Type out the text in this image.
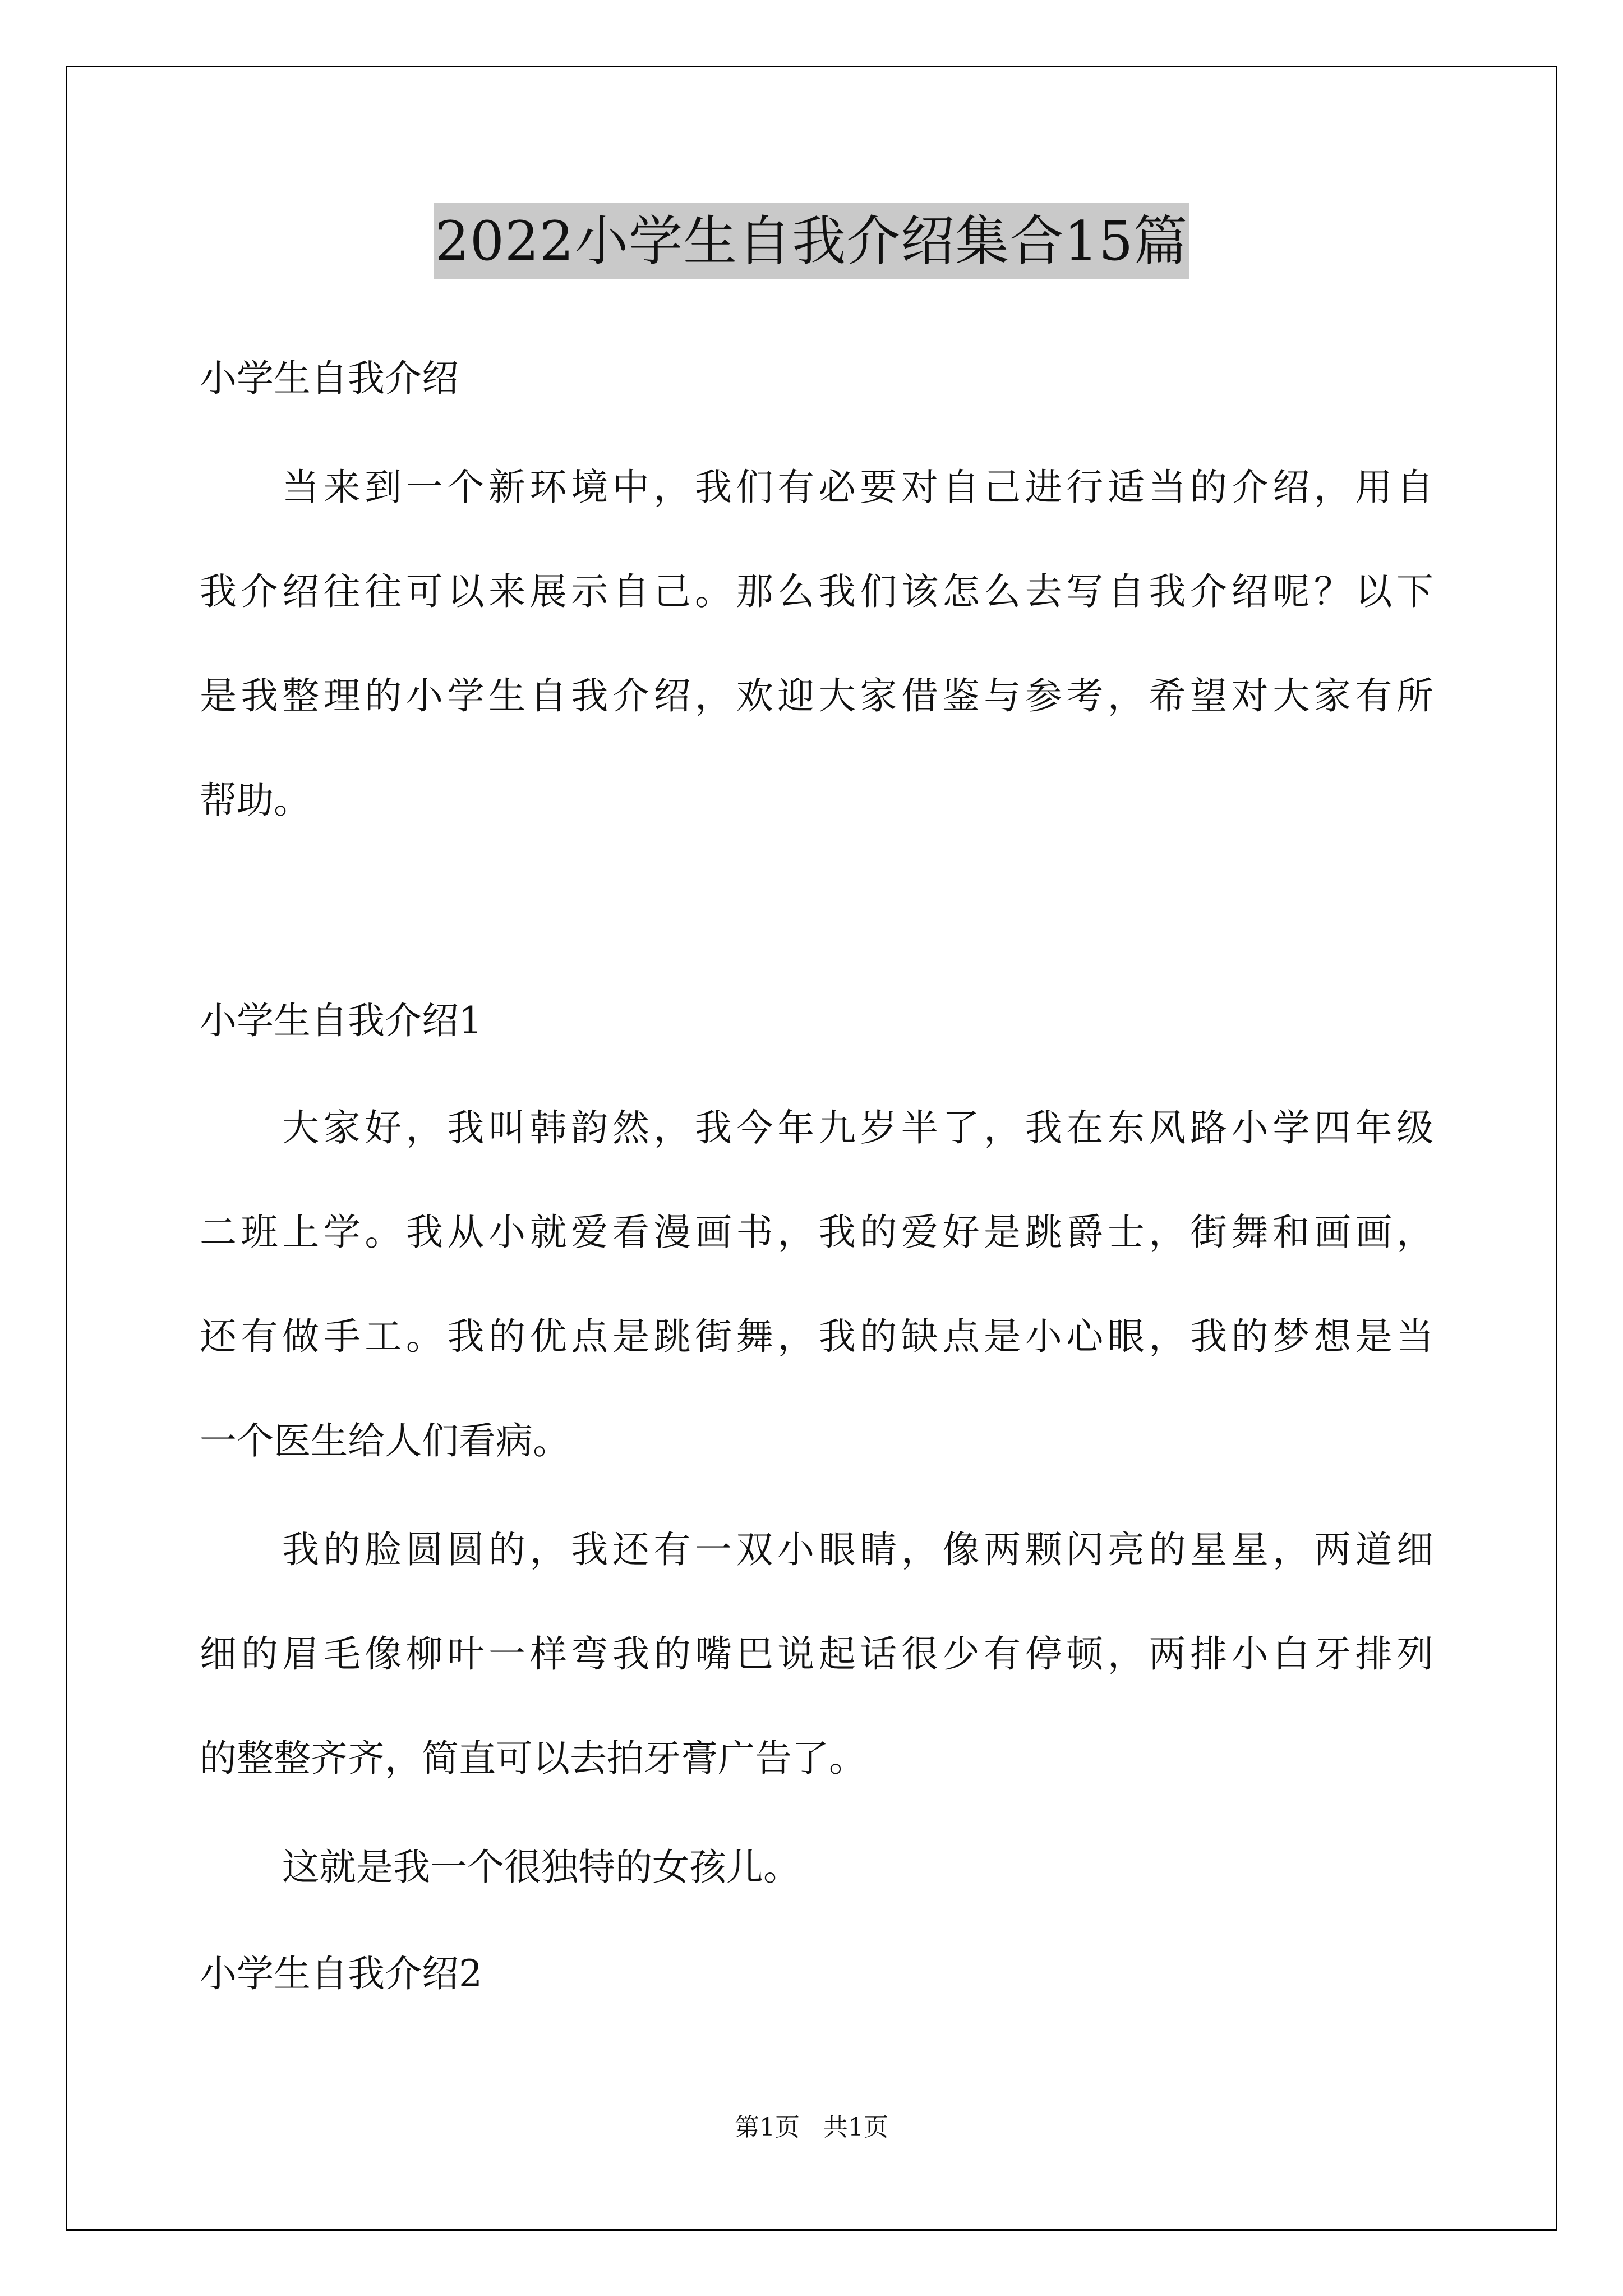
2022小学生自我介绍集合15篇
小学生自我介绍
当来到一个新环境中，我们有必要对自己进行适当的介绍，用自
我介绍往往可以来展示自己。那么我们该怎么去写自我介绍呢？以下
是我整理的小学生自我介绍，欢迎大家借鉴与参考，希望对大家有所
帮助。
小学生自我介绍1
大家好，我叫韩韵然，我今年九岁半了，我在东风路小学四年级
二班上学。我从小就爱看漫画书，我的爱好是跳爵士，街舞和画画，
还有做手工。我的优点是跳街舞，我的缺点是小心眼，我的梦想是当
一个医生给人们看病。
我的脸圆圆的，我还有一双小眼睛，像两颗闪亮的星星，两道细
细的眉毛像柳叶一样弯我的嘴巴说起话很少有停顿，两排小白牙排列
的整整齐齐，简直可以去拍牙膏广告了。
这就是我一个很独特的女孩儿。
小学生自我介绍2
第1页 共1页
